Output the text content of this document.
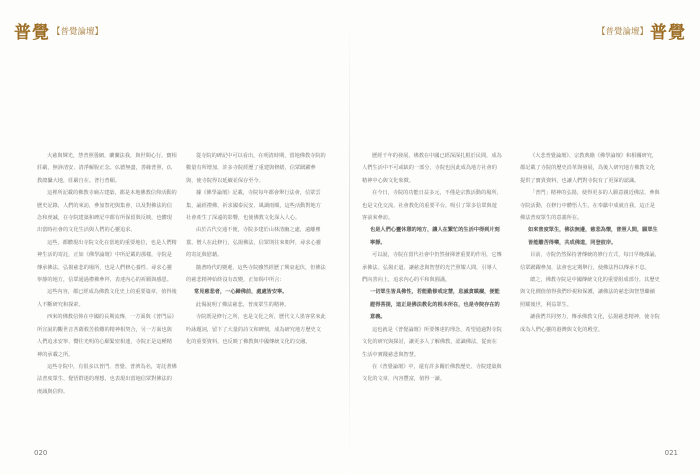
普覺 【普覺論壇】

大慈與輝光，慧普照曇網，蘭蘭法我，與世間心行。寶相莊嚴，無諍清安、清淨解脫正念。仏德無盡，善緣普照，仏教總攝大地，莊嚴自在。普行普願。

這裡所記載的佛教寺廟古建築，都是本地佛教信仰活動的歷史記錄，人們的來訪，參加祭祀與集會，以及對佛法的信念和虔誠，在寺院建築和碑記中都有所保留與反映，也體現出當時社會的文化生活與人們的心靈追求。

這些，都體現出寺院文化在當地的重要地位，也是人們精神生活的寄託，正如《佛學論壇》中所記載的那樣，寺院是傳承佛法、弘揚慈悲的場所，也是人們修心養性、尋求心靈寧靜的地方，信眾通過禮佛參拜，表達內心的祈願與感恩。

這些內容，都已經成為佛教文化史上的重要篇章，值得後人不斷研究和探索。

西來的佛教信仰在中國的長期流傳，一方面與《普門品》所宣說的觀世音菩薩救苦救難的精神相契合，另一方面也與人們追求安寧、嚮往光明的心願緊密相連，寺院正是這種精神的承載之所。

這些寺院中，有很多以普門、普覺、普濟為名，寄託著佛法普度眾生、覺悟群迷的理想，也表現出當地信眾對佛法的虔誠與信仰。

從寺院的碑記中可以看出，在明清時期，當地佛教寺院的數量有所增加，許多寺院經歷了重建與修繕，信眾踴躍參與，使寺院得以延續並保存至今。

據《佛學論壇》記載，寺院每年都會舉行法會，信眾雲集，誦經禮佛，祈求國泰民安、風調雨順，這些活動對地方社會產生了深遠的影響，也使佛教文化深入人心。

由於古代交通不便，寺院多建於山林清幽之處，遠離塵囂，僧人在此修行，弘揚佛法，信眾則往來朝拜，尋求心靈的寄託與慰藉。

隨著時代的變遷，這些寺院雖然經歷了興衰起伏，但佛法的慈悲精神始終沒有改變，正如偈中所言：

常見慈悲者，一心歸佛前，處處皆安寧。

此偈說明了佛法慈悲，普度眾生的精神。

寺院既是修行之所，也是文化之所，歷代文人墨客常來此吟詠題詞，留下了大量的詩文和碑刻，成為研究地方歷史文化的重要資料，也反映了佛教與中國傳統文化的交融。

020
【普覺論壇】 普覺

歷經千年的發展，佛教在中國已經深深扎根於民間，成為人們生活中不可或缺的一部分，寺院也因此成為地方社會的精神中心與文化象徵。

在今日，寺院的功能日益多元，不僅是宗教活動的場所，也是文化交流、社會教化的重要平台，吸引了眾多信眾與遊客前來參訪。

也是人們心靈休憩的地方，讓人在繁忙的生活中得到片刻寧靜。

可以說，寺院在當代社會中仍然發揮著重要的作用，它傳承佛法、弘揚正道，讓慈悲與智慧的光芒照耀人間，引導人們向善向上，追求內心的平和與圓滿。

一切眾生皆具佛性，若能勤修戒定慧，息滅貪瞋癡，便能證得菩提，這正是佛法教化的根本所在，也是寺院存在的意義。

這也就是《普覺論壇》所要傳達的理念，希望通過對寺院文化的研究與探討，讓更多人了解佛教，認識佛法，從而在生活中實踐慈悲與智慧。

在《普覺論壇》中，還有許多關於佛教歷史、寺院建築與文化的文章，內容豐富，值得一讀。

《大悲普覺論壇》、宗教典籍《佛學論壇》和相關研究，都記載了寺院的歷史沿革與發展，為後人研究地方佛教文化提供了寶貴資料，也讓人們對寺院有了更深的認識。

「普門」精神的弘揚，使得更多的人願意親近佛法，參與寺院活動，在修行中體悟人生，在奉獻中成就自我，這正是佛法普度眾生的意義所在。

如來普度眾生，佛法無邊，慈悲為懷，普照人間，願眾生皆能離苦得樂，共成佛道，同登彼岸。

目前，寺院仍然保持著傳統的修行方式，每日早晚課誦，信眾踴躍參加，法會也定期舉行，使佛法得以傳承不息。

總之，佛教寺院是中國傳統文化的重要組成部分，其歷史與文化價值值得我們珍視和保護，讓佛法的慈悲與智慧繼續照耀後世，利益眾生。

讓我們共同努力，傳承佛教文化，弘揚慈悲精神，使寺院成為人們心靈的港灣與文化的殿堂。

021
